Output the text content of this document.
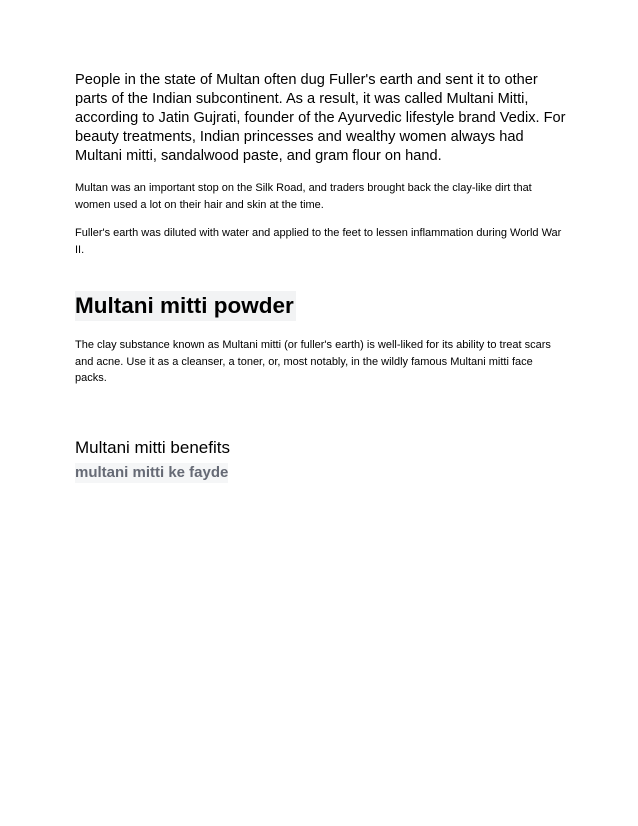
People in the state of Multan often dug Fuller's earth and sent it to other parts of the Indian subcontinent. As a result, it was called Multani Mitti, according to Jatin Gujrati, founder of the Ayurvedic lifestyle brand Vedix. For beauty treatments, Indian princesses and wealthy women always had Multani mitti, sandalwood paste, and gram flour on hand.

Multan was an important stop on the Silk Road, and traders brought back the clay-like dirt that women used a lot on their hair and skin at the time.

Fuller's earth was diluted with water and applied to the feet to lessen inflammation during World War II.

Multani mitti powder

The clay substance known as Multani mitti (or fuller's earth) is well-liked for its ability to treat scars and acne. Use it as a cleanser, a toner, or, most notably, in the wildly famous Multani mitti face packs.

Multani mitti benefits
multani mitti ke fayde
